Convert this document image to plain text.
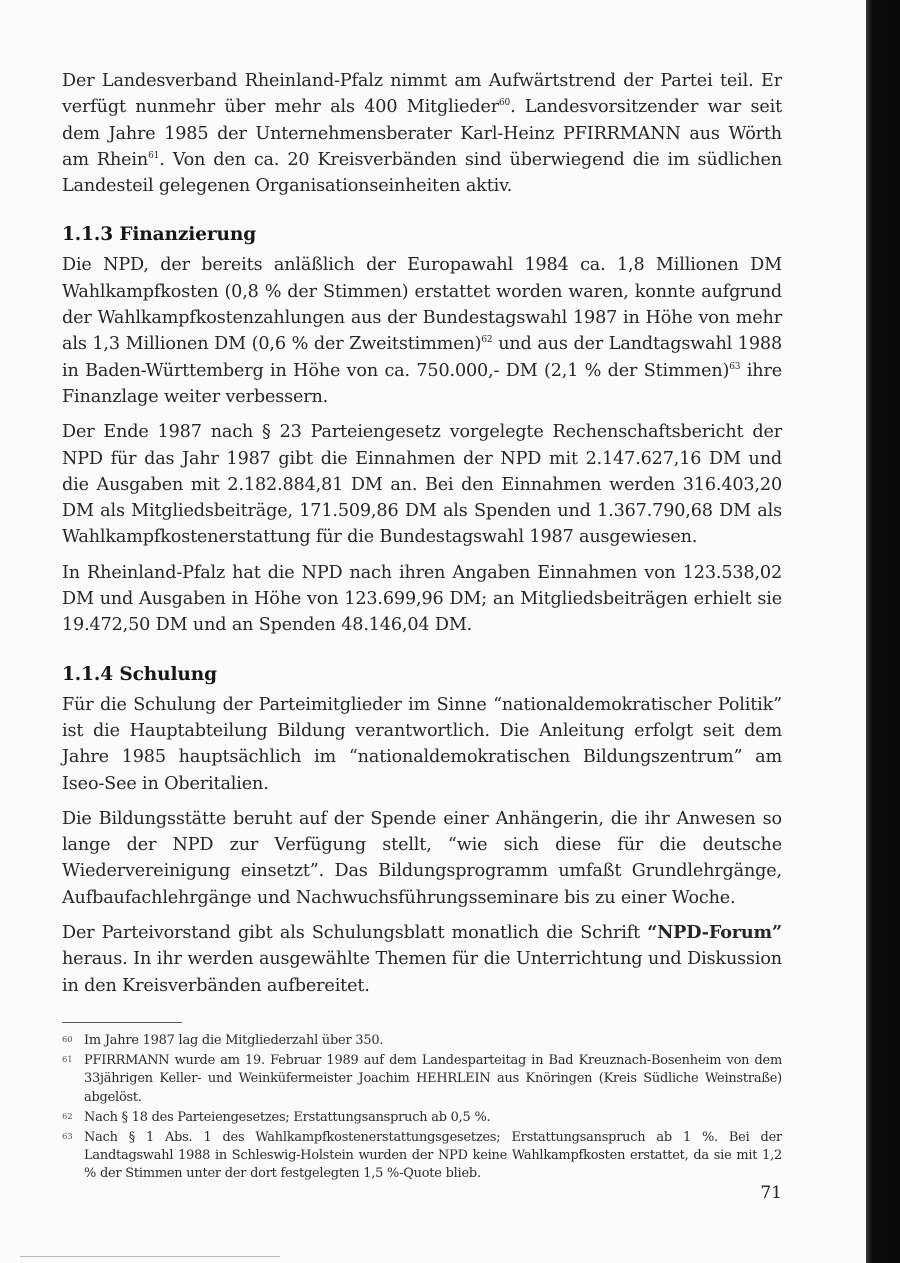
Der Landesverband Rheinland-Pfalz nimmt am Aufwärtstrend der Partei teil. Er verfügt nunmehr über mehr als 400 Mitglieder$^{60}$. Landesvorsitzender war seit dem Jahre 1985 der Unternehmensberater Karl-Heinz PFIRRMANN aus Wörth am Rhein$^{61}$. Von den ca. 20 Kreisverbänden sind überwiegend die im südlichen Landesteil gelegenen Organisationseinheiten aktiv.

1.1.3 Finanzierung

Die NPD, der bereits anläßlich der Europawahl 1984 ca. 1,8 Millionen DM Wahlkampfkosten (0,8 % der Stimmen) erstattet worden waren, konnte aufgrund der Wahlkampfkostenzahlungen aus der Bundestagswahl 1987 in Höhe von mehr als 1,3 Millionen DM (0,6 % der Zweitstimmen)$^{62}$ und aus der Landtagswahl 1988 in Baden-Württemberg in Höhe von ca. 750.000,- DM (2,1 % der Stimmen)$^{63}$ ihre Finanzlage weiter verbessern.

Der Ende 1987 nach § 23 Parteiengesetz vorgelegte Rechenschaftsbericht der NPD für das Jahr 1987 gibt die Einnahmen der NPD mit 2.147.627,16 DM und die Ausgaben mit 2.182.884,81 DM an. Bei den Einnahmen werden 316.403,20 DM als Mitgliedsbeiträge, 171.509,86 DM als Spenden und 1.367.790,68 DM als Wahlkampfkostenerstattung für die Bundestagswahl 1987 ausgewiesen.

In Rheinland-Pfalz hat die NPD nach ihren Angaben Einnahmen von 123.538,02 DM und Ausgaben in Höhe von 123.699,96 DM; an Mitgliedsbeiträgen erhielt sie 19.472,50 DM und an Spenden 48.146,04 DM.

1.1.4 Schulung

Für die Schulung der Parteimitglieder im Sinne “nationaldemokratischer Politik” ist die Hauptabteilung Bildung verantwortlich. Die Anleitung erfolgt seit dem Jahre 1985 hauptsächlich im “nationaldemokratischen Bildungszentrum” am Iseo-See in Oberitalien.

Die Bildungsstätte beruht auf der Spende einer Anhängerin, die ihr Anwesen so lange der NPD zur Verfügung stellt, “wie sich diese für die deutsche Wiedervereinigung einsetzt”. Das Bildungsprogramm umfaßt Grundlehrgänge, Aufbaufachlehrgänge und Nachwuchsführungsseminare bis zu einer Woche.

Der Parteivorstand gibt als Schulungsblatt monatlich die Schrift “NPD-Forum” heraus. In ihr werden ausgewählte Themen für die Unterrichtung und Diskussion in den Kreisverbänden aufbereitet.

60 Im Jahre 1987 lag die Mitgliederzahl über 350.
61 PFIRRMANN wurde am 19. Februar 1989 auf dem Landesparteitag in Bad Kreuznach-Bosenheim von dem 33jährigen Keller- und Weinküfermeister Joachim HEHRLEIN aus Knöringen (Kreis Südliche Weinstraße) abgelöst.
62 Nach § 18 des Parteiengesetzes; Erstattungsanspruch ab 0,5 %.
63 Nach § 1 Abs. 1 des Wahlkampfkostenerstattungsgesetzes; Erstattungsanspruch ab 1 %. Bei der Landtagswahl 1988 in Schleswig-Holstein wurden der NPD keine Wahlkampfkosten erstattet, da sie mit 1,2 % der Stimmen unter der dort festgelegten 1,5 %-Quote blieb.
71
